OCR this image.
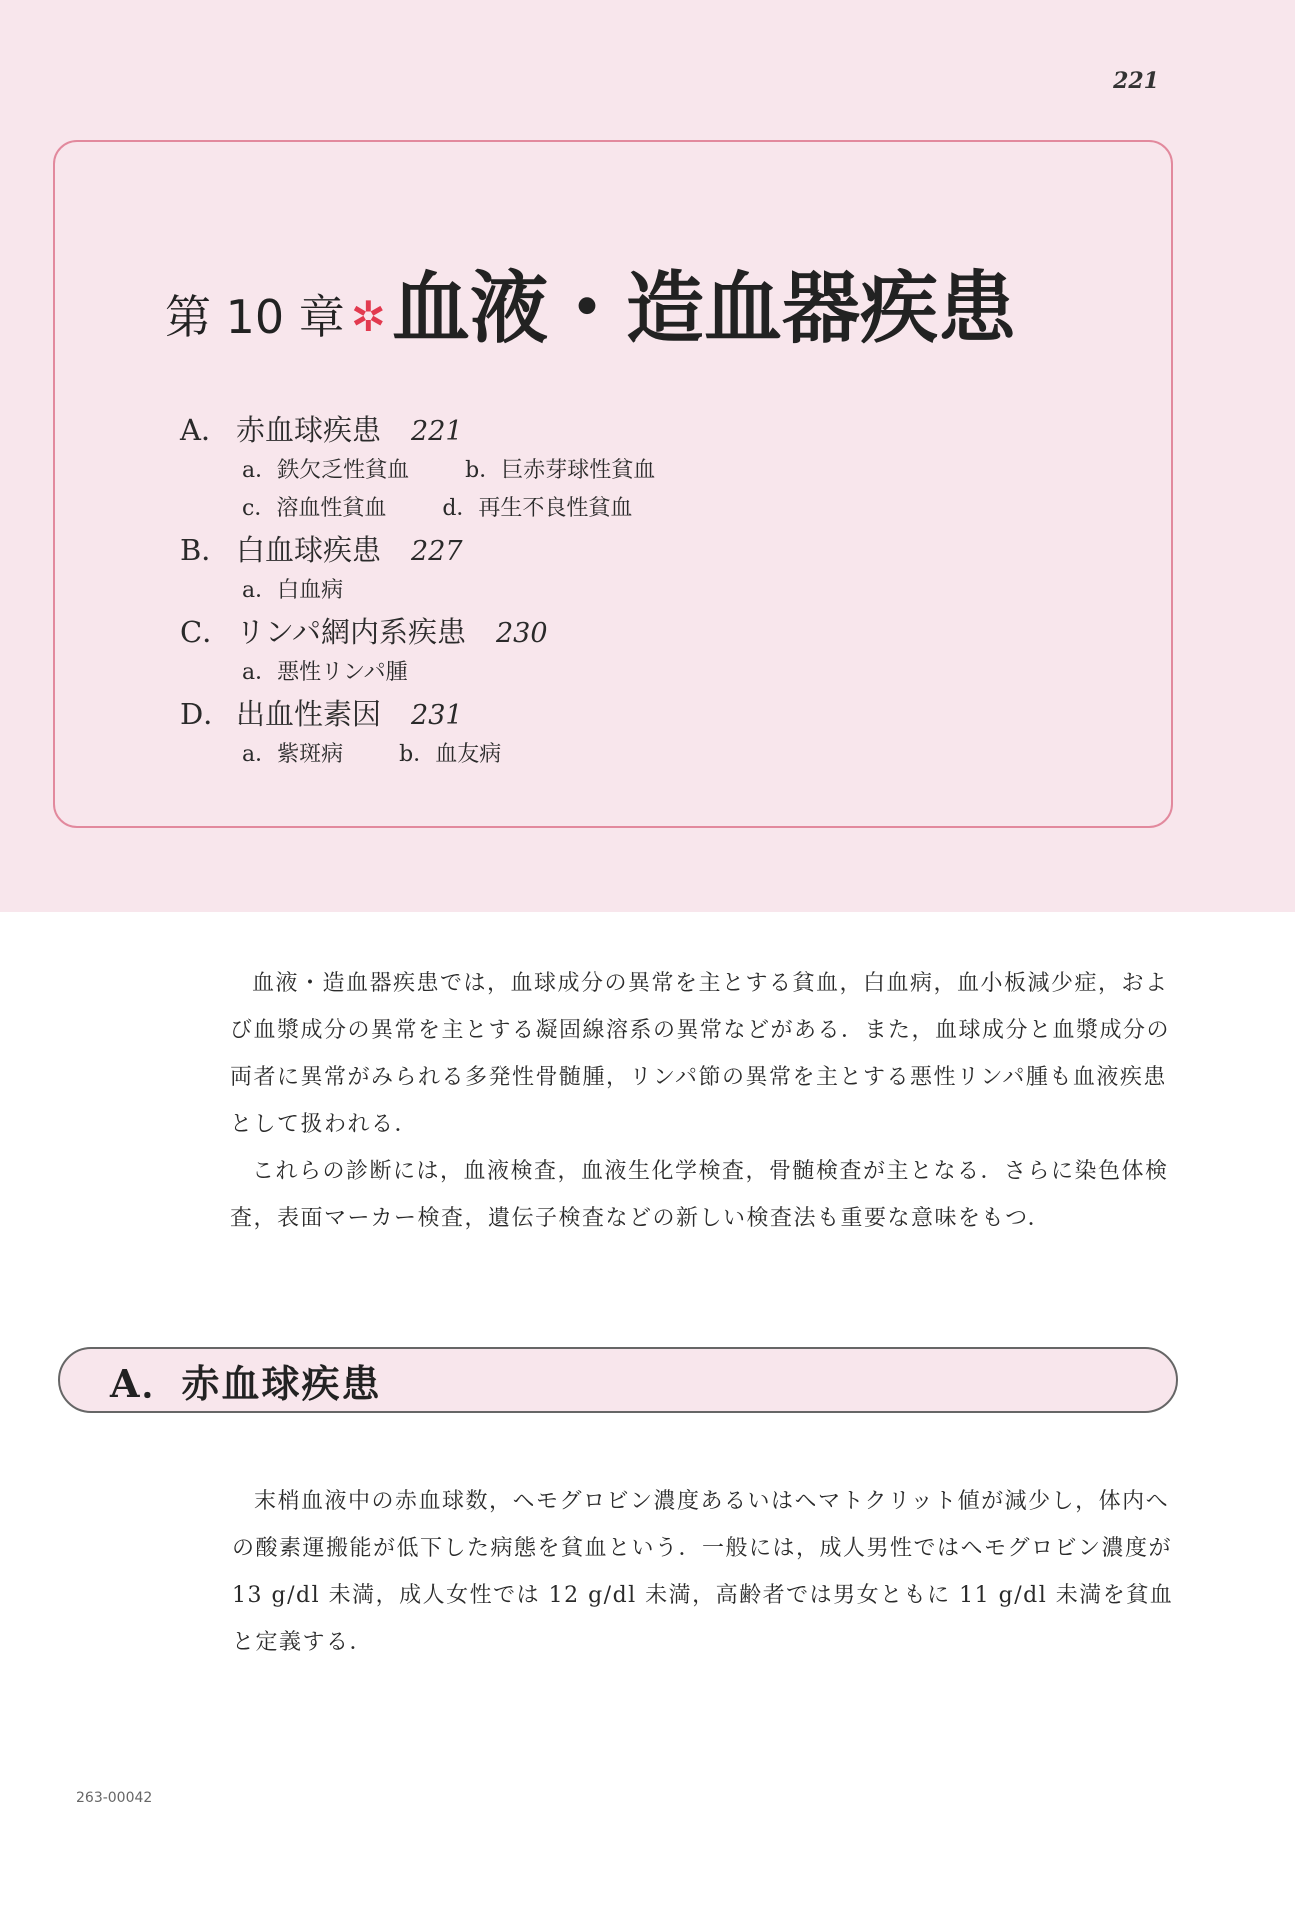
221
第 10 章 ✲ 血液・造血器疾患
A． 赤血球疾患 221
a．鉄欠乏性貧血	b．巨赤芽球性貧血
c．溶血性貧血	d．再生不良性貧血
B． 白血球疾患 227
a．白血病
C． リンパ網内系疾患 230
a．悪性リンパ腫
D． 出血性素因 231
a．紫斑病	b．血友病

血液・造血器疾患では，血球成分の異常を主とする貧血，白血病，血小板減少症，および血漿成分の異常を主とする凝固線溶系の異常などがある．また，血球成分と血漿成分の両者に異常がみられる多発性骨髄腫，リンパ節の異常を主とする悪性リンパ腫も血液疾患として扱われる．

これらの診断には，血液検査，血液生化学検査，骨髄検査が主となる．さらに染色体検査，表面マーカー検査，遺伝子検査などの新しい検査法も重要な意味をもつ．

A．赤血球疾患

末梢血液中の赤血球数，ヘモグロビン濃度あるいはヘマトクリット値が減少し，体内への酸素運搬能が低下した病態を貧血という．一般には，成人男性ではヘモグロビン濃度が 13 g/dl 未満，成人女性では 12 g/dl 未満，高齢者では男女ともに 11 g/dl 未満を貧血と定義する．

263-00042
